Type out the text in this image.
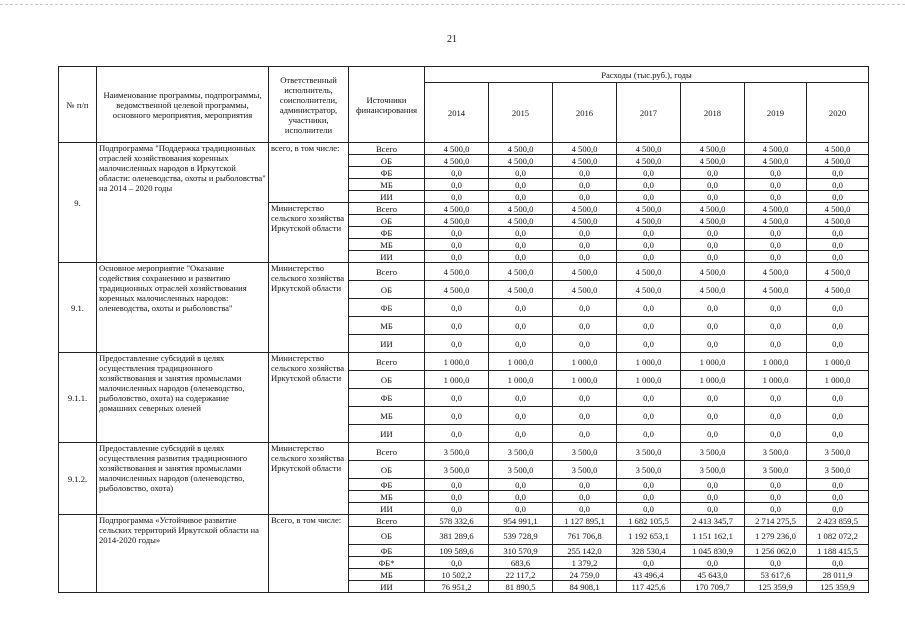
21
№ п/п	Наименование программы, подпрограммы, ведомственной целевой программы, основного мероприятия, мероприятия	Ответственный исполнитель, соисполнители, администратор, участники, исполнители	Источники финансирования	Расходы (тыс.руб.), годы						
				2014	2015	2016	2017	2018	2019	2020
9.	Подпрограмма "Поддержка традиционных отраслей хозяйствования коренных малочисленных народов в Иркутской области: оленеводства, охоты и рыболовства" на 2014 – 2020 годы	всего, в том числе:	Всего	4 500,0	4 500,0	4 500,0	4 500,0	4 500,0	4 500,0	4 500,0
			ОБ	4 500,0	4 500,0	4 500,0	4 500,0	4 500,0	4 500,0	4 500,0
			ФБ	0,0	0,0	0,0	0,0	0,0	0,0	0,0
			МБ	0,0	0,0	0,0	0,0	0,0	0,0	0,0
			ИИ	0,0	0,0	0,0	0,0	0,0	0,0	0,0
		Министерство сельского хозяйства Иркутской области	Всего	4 500,0	4 500,0	4 500,0	4 500,0	4 500,0	4 500,0	4 500,0
			ОБ	4 500,0	4 500,0	4 500,0	4 500,0	4 500,0	4 500,0	4 500,0
			ФБ	0,0	0,0	0,0	0,0	0,0	0,0	0,0
			МБ	0,0	0,0	0,0	0,0	0,0	0,0	0,0
			ИИ	0,0	0,0	0,0	0,0	0,0	0,0	0,0
9.1.	Основное мероприятие "Оказание содействия сохранению и развитию традиционных отраслей хозяйствования коренных малочисленных народов: оленеводства, охоты и рыболовства"	Министерство сельского хозяйства Иркутской области	Всего	4 500,0	4 500,0	4 500,0	4 500,0	4 500,0	4 500,0	4 500,0
			ОБ	4 500,0	4 500,0	4 500,0	4 500,0	4 500,0	4 500,0	4 500,0
			ФБ	0,0	0,0	0,0	0,0	0,0	0,0	0,0
			МБ	0,0	0,0	0,0	0,0	0,0	0,0	0,0
			ИИ	0,0	0,0	0,0	0,0	0,0	0,0	0,0
9.1.1.	Предоставление субсидий в целях осуществления традиционного хозяйствования и занятия промыслами малочисленных народов (оленеводство, рыболовство, охота) на содержание домашних северных оленей	Министерство сельского хозяйства Иркутской области	Всего	1 000,0	1 000,0	1 000,0	1 000,0	1 000,0	1 000,0	1 000,0
			ОБ	1 000,0	1 000,0	1 000,0	1 000,0	1 000,0	1 000,0	1 000,0
			ФБ	0,0	0,0	0,0	0,0	0,0	0,0	0,0
			МБ	0,0	0,0	0,0	0,0	0,0	0,0	0,0
			ИИ	0,0	0,0	0,0	0,0	0,0	0,0	0,0
9.1.2.	Предоставление субсидий в целях осуществления развития традиционного хозяйствования и занятия промыслами малочисленных народов (оленеводство, рыболовство, охота)	Министерство сельского хозяйства Иркутской области	Всего	3 500,0	3 500,0	3 500,0	3 500,0	3 500,0	3 500,0	3 500,0
			ОБ	3 500,0	3 500,0	3 500,0	3 500,0	3 500,0	3 500,0	3 500,0
			ФБ	0,0	0,0	0,0	0,0	0,0	0,0	0,0
			МБ	0,0	0,0	0,0	0,0	0,0	0,0	0,0
			ИИ	0,0	0,0	0,0	0,0	0,0	0,0	0,0
	Подпрограмма «Устойчивое развитие сельских территорий Иркутской области на 2014-2020 годы»	Всего, в том числе:	Всего	578 332,6	954 991,1	1 127 895,1	1 682 105,5	2 413 345,7	2 714 275,5	2 423 859,5
			ОБ	381 289,6	539 728,9	761 706,8	1 192 653,1	1 151 162,1	1 279 236,0	1 082 072,2
			ФБ	109 589,6	310 570,9	255 142,0	328 530,4	1 045 830,9	1 256 062,0	1 188 415,5
			ФБ*	0,0	683,6	1 379,2	0,0	0,0	0,0	0,0
			МБ	10 502,2	22 117,2	24 759,0	43 496,4	45 643,0	53 617,6	28 011,9
			ИИ	76 951,2	81 890,5	84 908,1	117 425,6	170 709,7	125 359,9	125 359,9
